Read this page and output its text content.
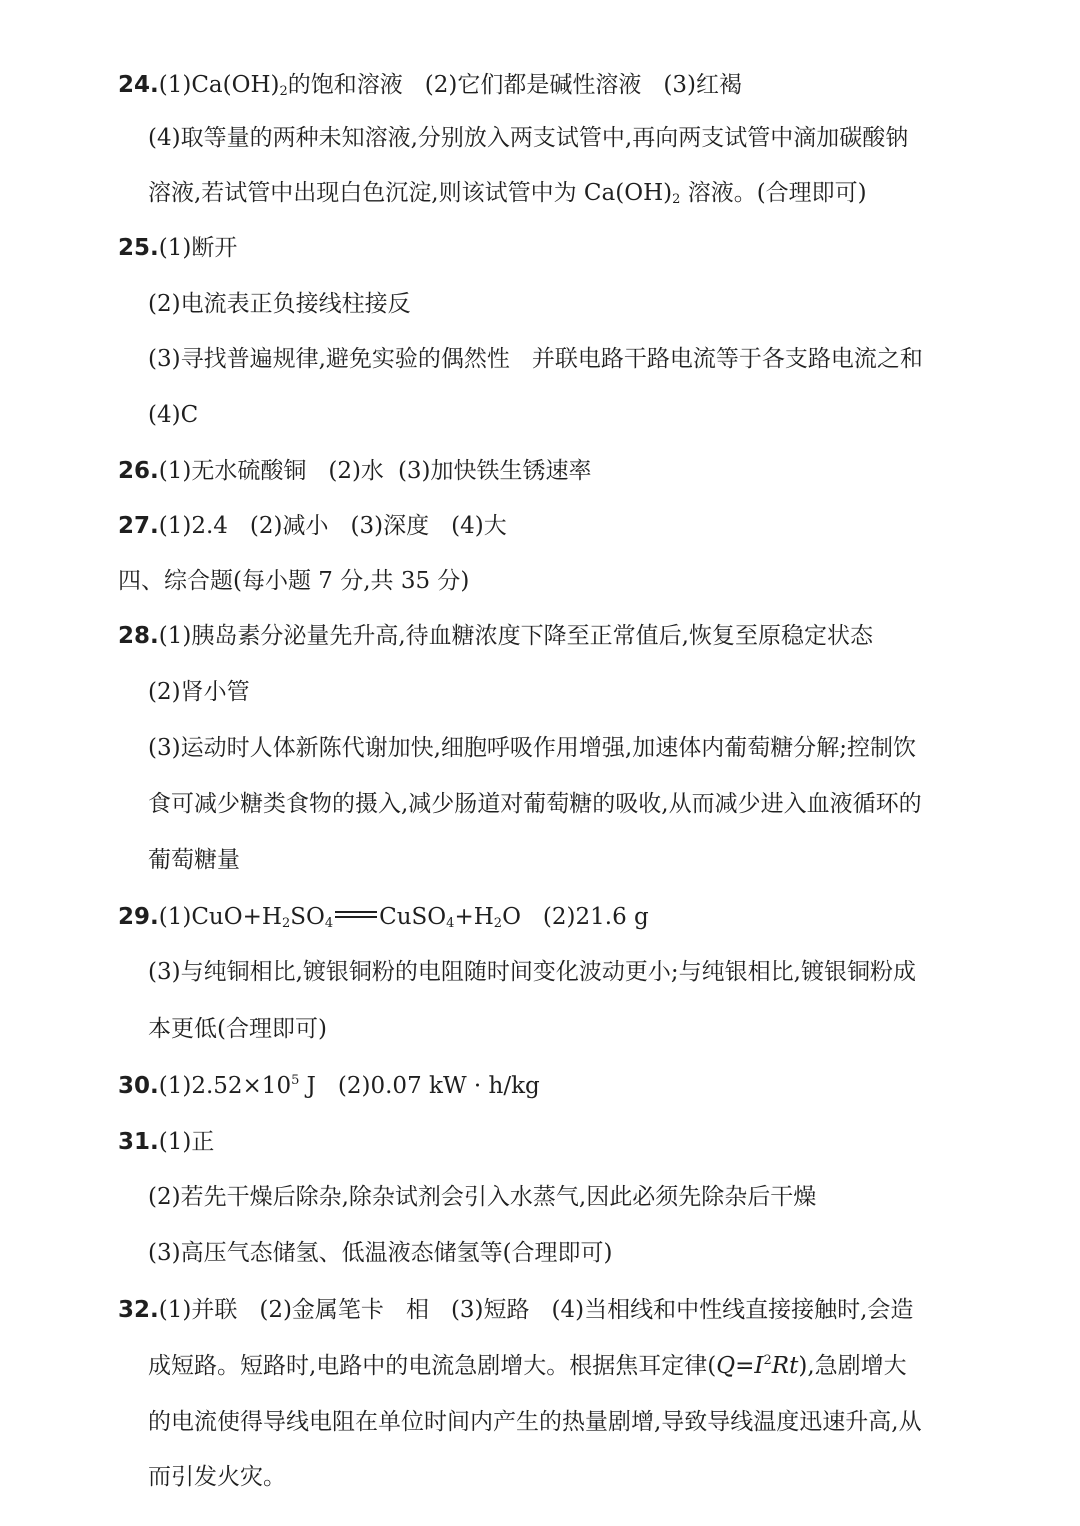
$24.(1)Ca(OH)_2$的饱和溶液 (2)它们都是碱性溶液 (3)红褐
(4)取等量的两种未知溶液,分别放入两支试管中,再向两支试管中滴加碳酸钠
溶液,若试管中出现白色沉淀,则该试管中为 $Ca(OH)_2$ 溶液。(合理即可)
25.(1)断开
(2)电流表正负接线柱接反
(3)寻找普遍规律,避免实验的偶然性 并联电路干路电流等于各支路电流之和
(4)C
26.(1)无水硫酸铜 (2)水 (3)加快铁生锈速率
27.(1)2.4 (2)减小 (3)深度 (4)大
四、综合题(每小题 7 分,共 35 分)
28.(1)胰岛素分泌量先升高,待血糖浓度下降至正常值后,恢复至原稳定状态
(2)肾小管
(3)运动时人体新陈代谢加快,细胞呼吸作用增强,加速体内葡萄糖分解;控制饮
食可减少糖类食物的摄入,减少肠道对葡萄糖的吸收,从而减少进入血液循环的
葡萄糖量
$29.(1)CuO+H_2SO_4$ $CuSO_4+H_2O$ (2)21.6 g
(3)与纯铜相比,镀银铜粉的电阻随时间变化波动更小;与纯银相比,镀银铜粉成
本更低(合理即可)
$30.(1)2.52\times 10^5$ J (2)0.07 kW · h/kg
31.(1)正
(2)若先干燥后除杂,除杂试剂会引入水蒸气,因此必须先除杂后干燥
(3)高压气态储氢、低温液态储氢等(合理即可)
32.(1)并联 (2)金属笔卡 相 (3)短路 (4)当相线和中性线直接接触时,会造
成短路。短路时,电路中的电流急剧增大。根据焦耳定律$(Q=I^2Rt)$,急剧增大
的电流使得导线电阻在单位时间内产生的热量剧增,导致导线温度迅速升高,从
而引发火灾。
